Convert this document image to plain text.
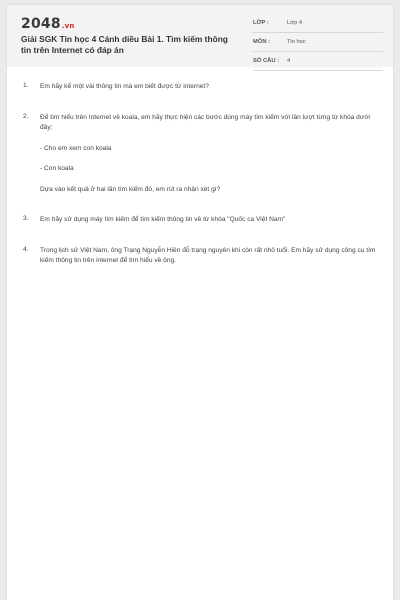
2048.vn
Giải SGK Tin học 4 Cánh diều Bài 1. Tìm kiếm thông tin trên Internet có đáp án
LỚP :	Lớp 4
MÔN :	Tin học
SỐ CÂU : 4
1. Em hãy kể một vài thông tin mà em biết được từ internet?

2. Để tìm hiểu trên Internet về koala, em hãy thực hiện các bước dùng máy tìm kiếm với lần lượt từng từ khóa dưới đây:

- Cho em xem con koala

- Con koala

Dựa vào kết quả ở hai lần tìm kiếm đó, em rút ra nhận xét gì?

3. Em hãy sử dụng máy tìm kiếm để tìm kiếm thông tin về từ khóa "Quốc ca Việt Nam"

4. Trong lịch sử Việt Nam, ông Trạng Nguyễn Hiền đỗ trạng nguyên khi còn rất nhỏ tuổi. Em hãy sử dụng công cụ tìm kiếm thông tin trên internet để tìm hiểu về ông.
